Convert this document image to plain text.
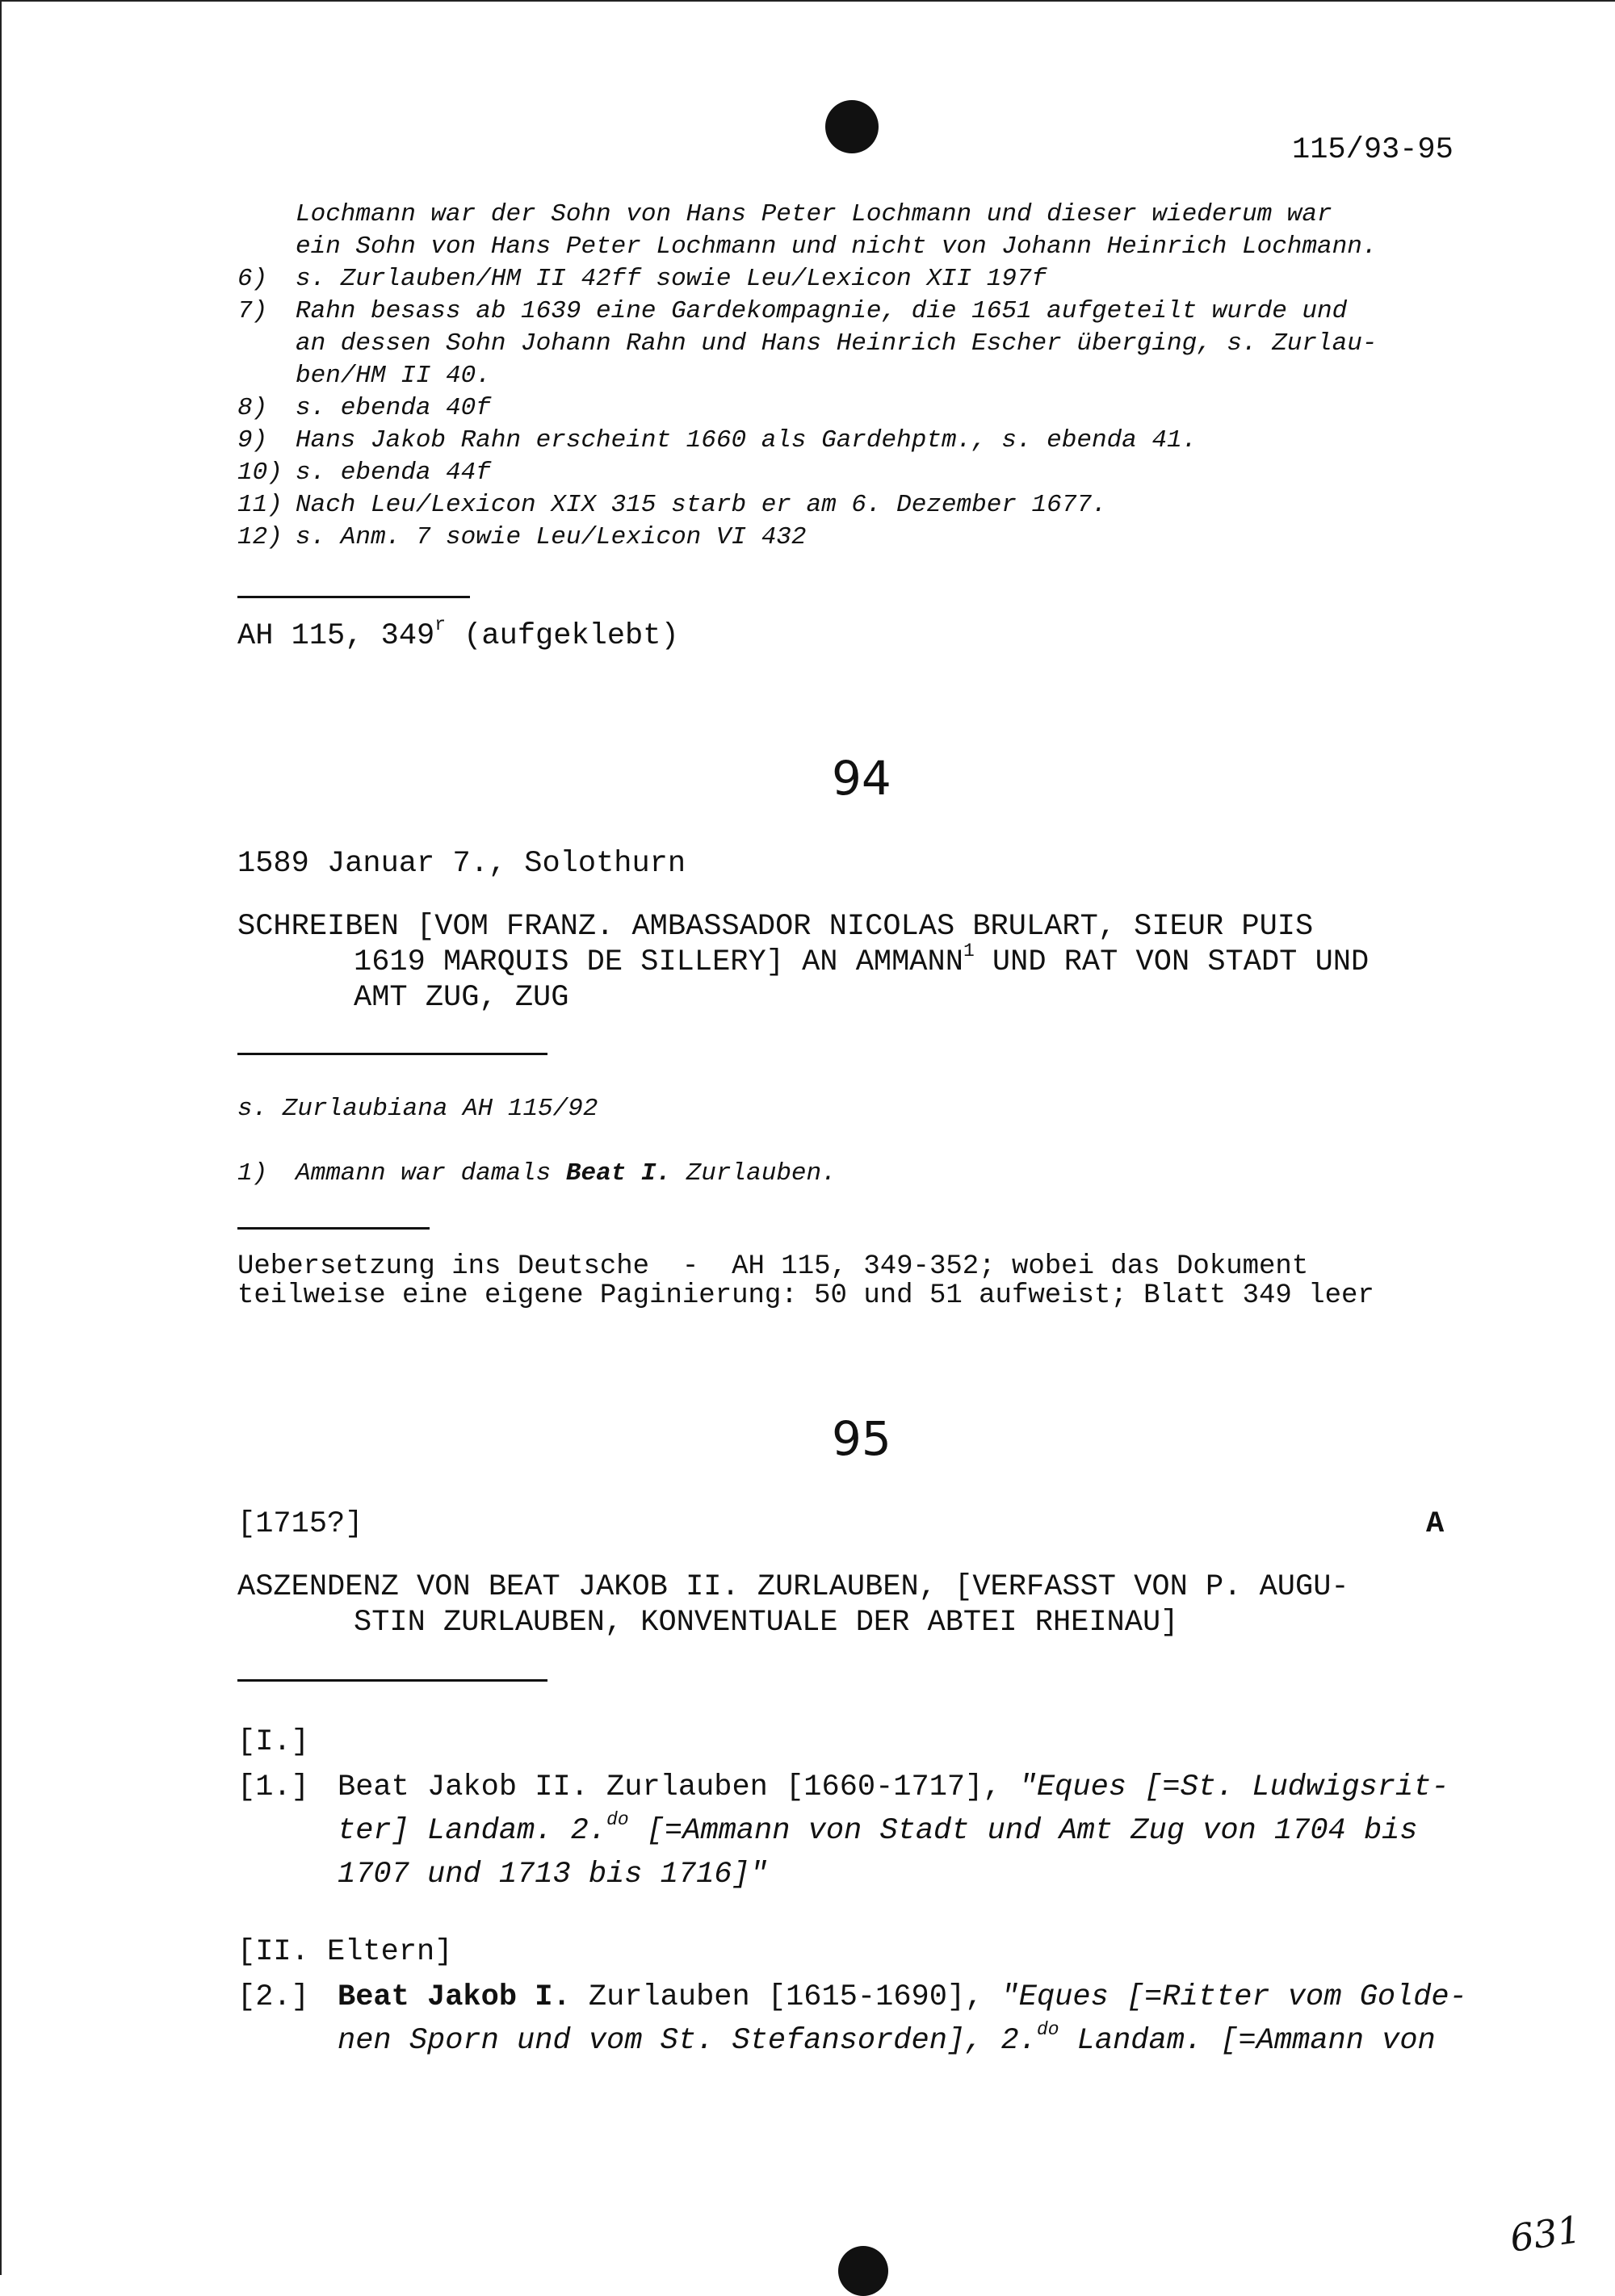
115/93-95
Lochmann war der Sohn von Hans Peter Lochmann und dieser wiederum war
ein Sohn von Hans Peter Lochmann und nicht von Johann Heinrich Lochmann.
6) s. Zurlauben/HM II 42ff sowie Leu/Lexicon XII 197f
7) Rahn besass ab 1639 eine Gardekompagnie, die 1651 aufgeteilt wurde und
an dessen Sohn Johann Rahn und Hans Heinrich Escher überging, s. Zurlau-
ben/HM II 40.
8) s. ebenda 40f
9) Hans Jakob Rahn erscheint 1660 als Gardehptm., s. ebenda 41.
10) s. ebenda 44f
11) Nach Leu/Lexicon XIX 315 starb er am 6. Dezember 1677.
12) s. Anm. 7 sowie Leu/Lexicon VI 432
AH 115, 349$^r$ (aufgeklebt)
94
1589 Januar 7., Solothurn
SCHREIBEN [VOM FRANZ. AMBASSADOR NICOLAS BRULART, SIEUR PUIS
1619 MARQUIS DE SILLERY] AN AMMANN$^1$ UND RAT VON STADT UND
AMT ZUG, ZUG
s. Zurlaubiana AH 115/92
1) Ammann war damals Beat I. Zurlauben.
Uebersetzung ins Deutsche  -  AH 115, 349-352; wobei das Dokument
teilweise eine eigene Paginierung: 50 und 51 aufweist; Blatt 349 leer
95
[1715?]	A
ASZENDENZ VON BEAT JAKOB II. ZURLAUBEN, [VERFASST VON P. AUGU-
STIN ZURLAUBEN, KONVENTUALE DER ABTEI RHEINAU]
[I.]
[1.] Beat Jakob II. Zurlauben [1660-1717], "Eques [=St. Ludwigsrit-
ter] Landam. 2.$^{do}$ [=Ammann von Stadt und Amt Zug von 1704 bis
1707 und 1713 bis 1716]"
[II. Eltern]
[2.] Beat Jakob I. Zurlauben [1615-1690], "Eques [=Ritter vom Golde-
nen Sporn und vom St. Stefansorden], 2.$^{do}$ Landam. [=Ammann von
631
